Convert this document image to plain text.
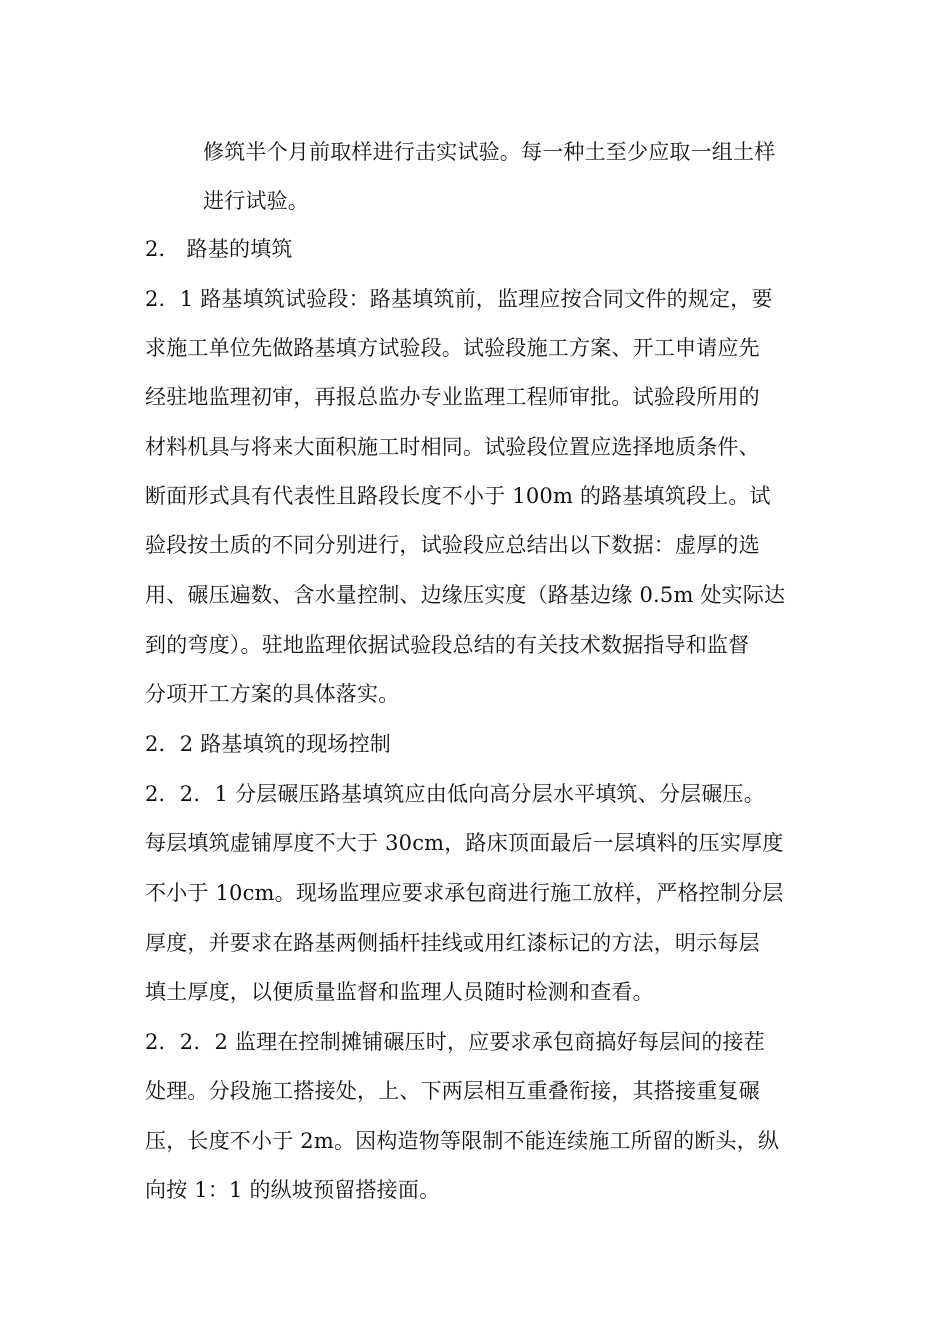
修筑半个月前取样进行击实试验。每一种土至少应取一组土样
进行试验。
2． 路基的填筑
2．1 路基填筑试验段：路基填筑前，监理应按合同文件的规定，要
求施工单位先做路基填方试验段。试验段施工方案、开工申请应先
经驻地监理初审，再报总监办专业监理工程师审批。试验段所用的
材料机具与将来大面积施工时相同。试验段位置应选择地质条件、
断面形式具有代表性且路段长度不小于 100m 的路基填筑段上。试
验段按土质的不同分别进行，试验段应总结出以下数据：虚厚的选
用、碾压遍数、含水量控制、边缘压实度（路基边缘 0.5m 处实际达
到的弯度）。驻地监理依据试验段总结的有关技术数据指导和监督
分项开工方案的具体落实。
2．2 路基填筑的现场控制
2．2．1 分层碾压路基填筑应由低向高分层水平填筑、分层碾压。
每层填筑虚铺厚度不大于 30cm，路床顶面最后一层填料的压实厚度
不小于 10cm。现场监理应要求承包商进行施工放样，严格控制分层
厚度，并要求在路基两侧插杆挂线或用红漆标记的方法，明示每层
填土厚度，以便质量监督和监理人员随时检测和查看。
2．2．2 监理在控制摊铺碾压时，应要求承包商搞好每层间的接茬
处理。分段施工搭接处，上、下两层相互重叠衔接，其搭接重复碾
压，长度不小于 2m。因构造物等限制不能连续施工所留的断头，纵
向按 1：1 的纵坡预留搭接面。
